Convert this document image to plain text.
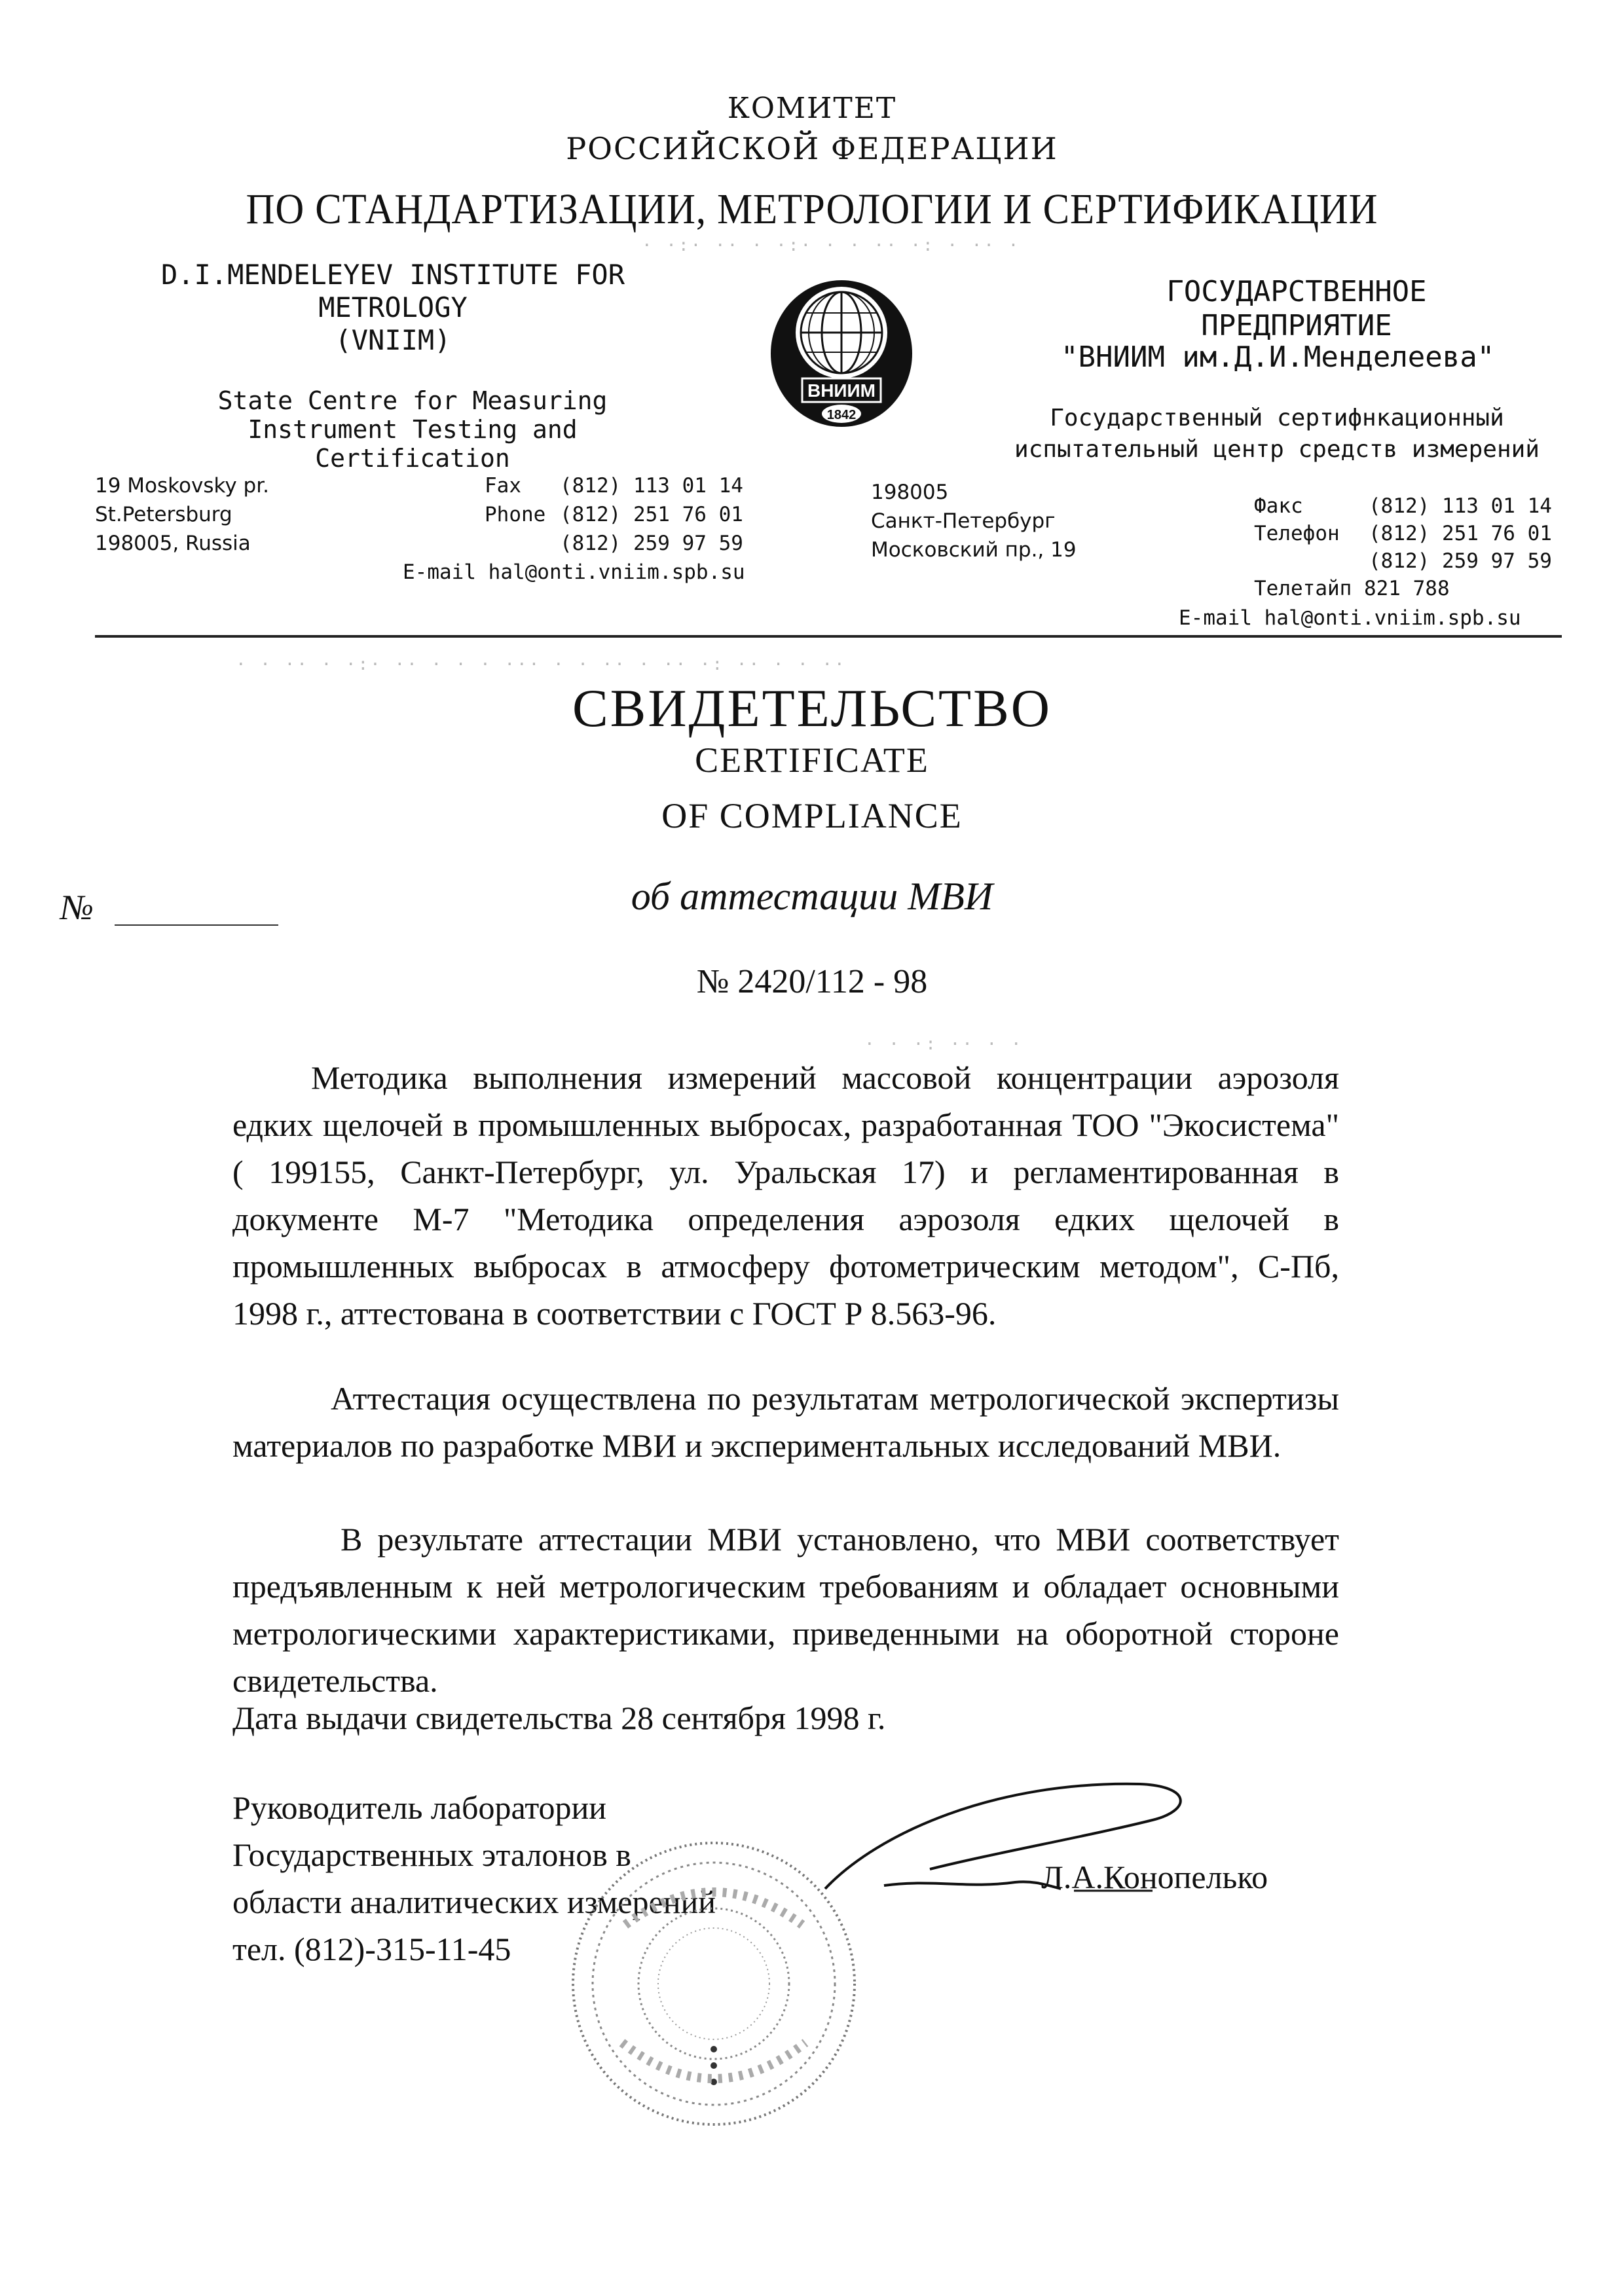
КОМИТЕТ
РОССИЙСКОЙ ФЕДЕРАЦИИ
ПО СТАНДАРТИЗАЦИИ, МЕТРОЛОГИИ И СЕРТИФИКАЦИИ
D.I.MENDELEYEV INSTITUTE FOR
METROLOGY
(VNIIM)
State Centre for Measuring
Instrument Testing and Certification
ВНИИМ
1842
ГОСУДАРСТВЕННОЕ
ПРЕДПРИЯТИЕ
"ВНИИМ им.Д.И.Менделеева"
Государственный сертифнкационный
испытательный центр средств измерений
19 Moskovsky pr.
St.Petersburg
198005, Russia
Fax (812) 113 01 14
Phone (812) 251 76 01
(812) 259 97 59
E-mail hal@onti.vniim.spb.su
198005
Санкт-Петербург
Московский пр., 19
Факс	(812) 113 01 14
Телефон (812) 251 76 01
(812) 259 97 59
Телетайп 821 788
E-mail hal@onti.vniim.spb.su
СВИДЕТЕЛЬСТВО
CERTIFICATE
OF COMPLIANCE
№	об аттестации МВИ
№ 2420/112 - 98
Методика выполнения измерений массовой концентрации аэрозоля едких щелочей в промышленных выбросах, разработанная ТОО "Экосистема" ( 199155, Санкт-Петербург, ул. Уральская 17) и регламентированная в документе М-7 "Методика определения аэрозоля едких щелочей в промышленных выбросах в атмосферу фотометрическим методом", С-Пб, 1998 г., аттестована в соответствии с ГОСТ Р 8.563-96.
Аттестация осуществлена по результатам метрологической экспертизы материалов по разработке МВИ и экспериментальных исследований МВИ.
В результате аттестации МВИ установлено, что МВИ соответствует предъявленным к ней метрологическим требованиям и обладает основными метрологическими характеристиками, приведенными на оборотной стороне свидетельства.
Дата выдачи свидетельства 28 сентября 1998 г.
Руководитель лаборатории
Государственных эталонов в
области аналитических измерений
тел. (812)-315-11-45
Л.А.Конопелько
· ·:· ·· · ·:· · · ·· ·: · ·· ·
· · ·· · ·:· ·· · · · ··· · · ·· · ·· ·: ·· · · ··
· · ·: ·· · ·
